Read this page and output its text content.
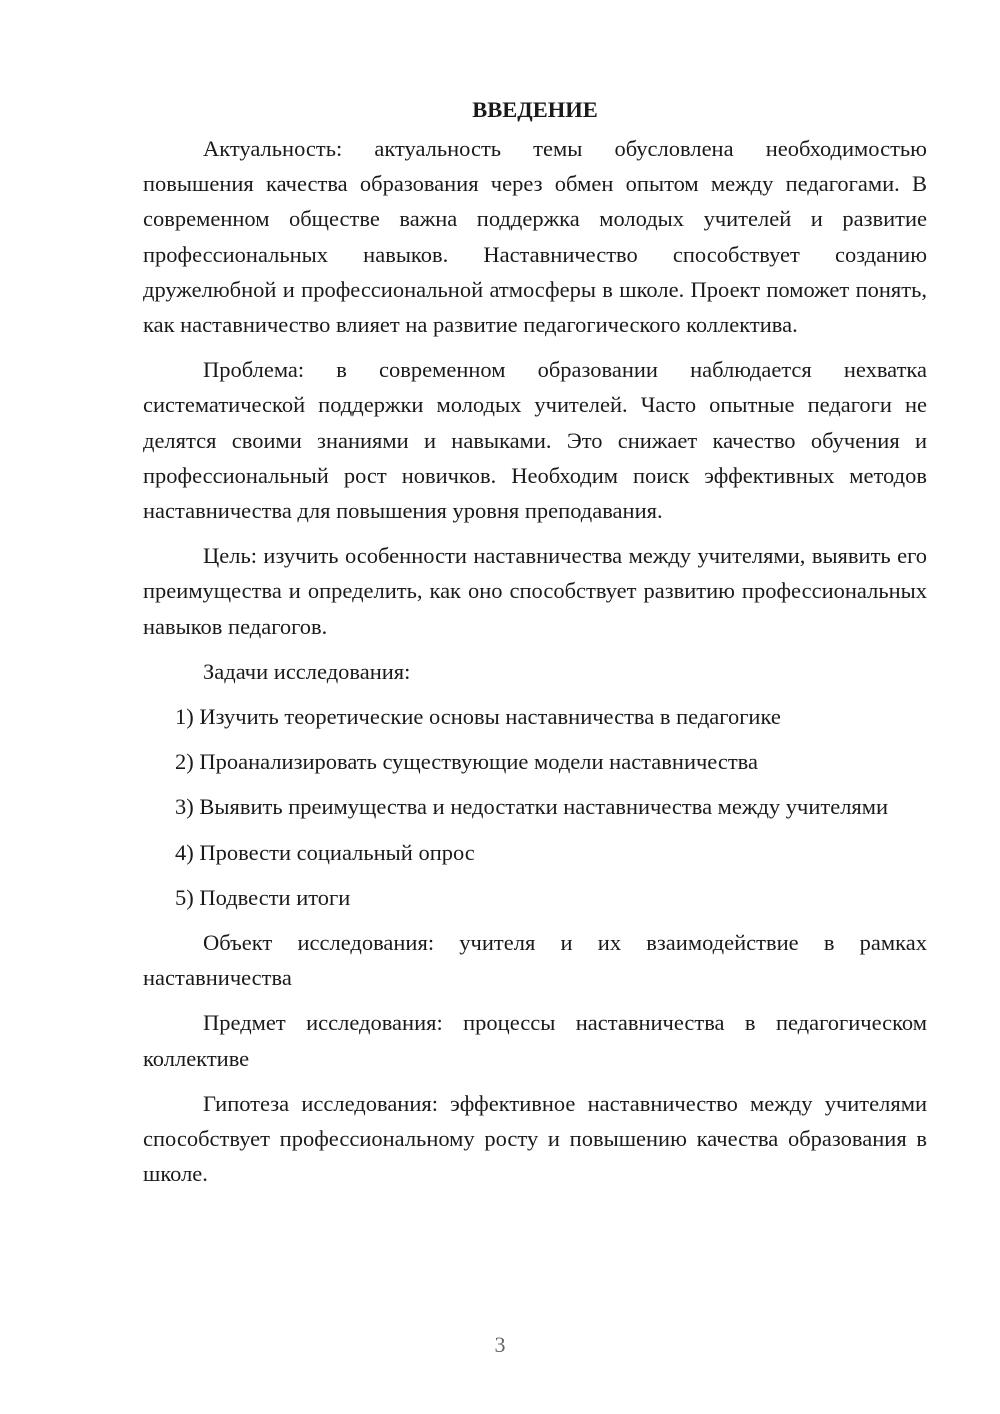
ВВЕДЕНИЕ
Актуальность: актуальность темы обусловлена необходимостью повышения качества образования через обмен опытом между педагогами. В современном обществе важна поддержка молодых учителей и развитие профессиональных навыков. Наставничество способствует созданию дружелюбной и профессиональной атмосферы в школе. Проект поможет понять, как наставничество влияет на развитие педагогического коллектива.
Проблема: в современном образовании наблюдается нехватка систематической поддержки молодых учителей. Часто опытные педагоги не делятся своими знаниями и навыками. Это снижает качество обучения и профессиональный рост новичков. Необходим поиск эффективных методов наставничества для повышения уровня преподавания.
Цель: изучить особенности наставничества между учителями, выявить его преимущества и определить, как оно способствует развитию профессиональных навыков педагогов.
Задачи исследования:
1) Изучить теоретические основы наставничества в педагогике
2) Проанализировать существующие модели наставничества
3) Выявить преимущества и недостатки наставничества между учителями
4) Провести социальный опрос
5) Подвести итоги
Объект исследования: учителя и их взаимодействие в рамках наставничества
Предмет исследования: процессы наставничества в педагогическом коллективе
Гипотеза исследования: эффективное наставничество между учителями способствует профессиональному росту и повышению качества образования в школе.
3
